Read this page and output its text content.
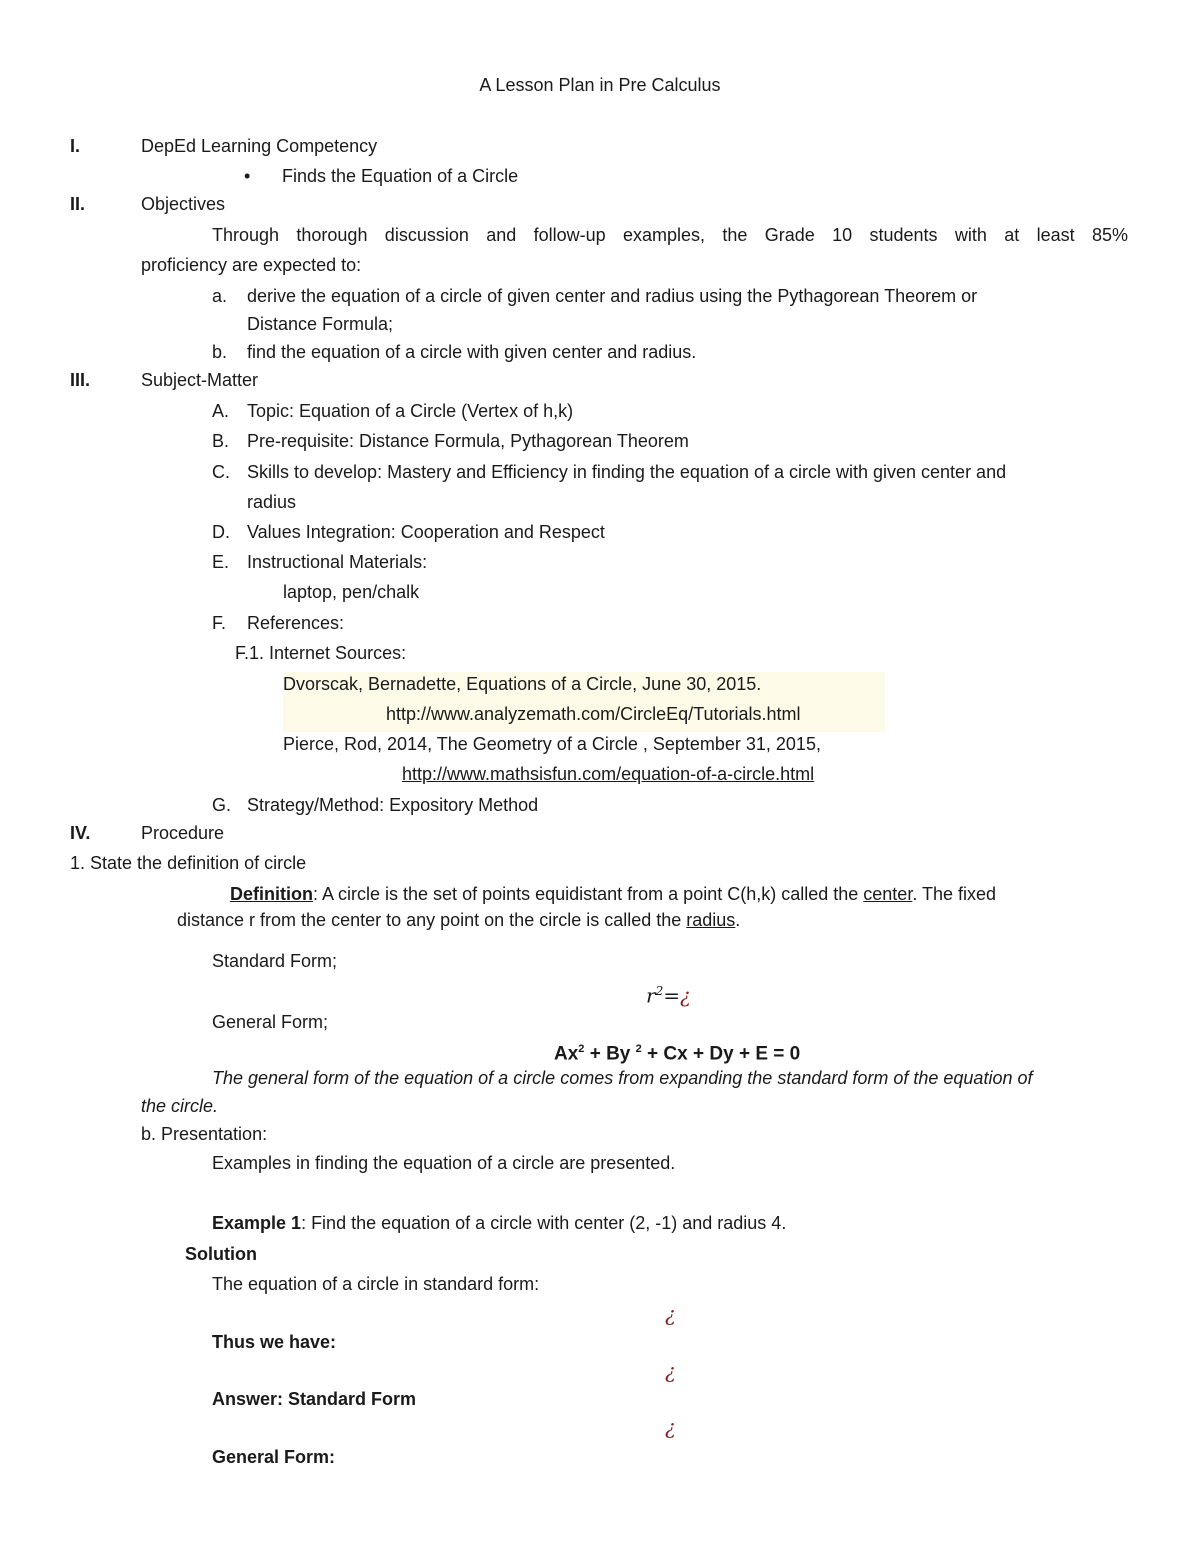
A Lesson Plan in Pre Calculus
I.	DepEd Learning Competency
• Finds the Equation of a Circle
II.	Objectives
Through thorough discussion and follow-up examples, the Grade 10 students with at least 85%
proficiency are expected to:
a. derive the equation of a circle of given center and radius using the Pythagorean Theorem or
Distance Formula;
b. find the equation of a circle with given center and radius.
III.	Subject-Matter
A. Topic: Equation of a Circle (Vertex of h,k)
B. Pre-requisite: Distance Formula, Pythagorean Theorem
C. Skills to develop: Mastery and Efficiency in finding the equation of a circle with given center and
radius
D. Values Integration: Cooperation and Respect
E. Instructional Materials:
laptop, pen/chalk
F. References:
F.1. Internet Sources:
Dvorscak, Bernadette, Equations of a Circle, June 30, 2015.
http://www.analyzemath.com/CircleEq/Tutorials.html
Pierce, Rod, 2014, The Geometry of a Circle , September 31, 2015,
http://www.mathsisfun.com/equation-of-a-circle.html
G. Strategy/Method: Expository Method
IV.	Procedure
1. State the definition of circle
Definition: A circle is the set of points equidistant from a point C(h,k) called the center. The fixed
distance r from the center to any point on the circle is called the radius.
Standard Form;
$r^2=¿$
General Form;
$Ax^2 + By$ $^2$ + Cx + Dy + E = 0
The general form of the equation of a circle comes from expanding the standard form of the equation of
the circle.
b. Presentation:
Examples in finding the equation of a circle are presented.
Example 1: Find the equation of a circle with center (2, -1) and radius 4.
Solution
The equation of a circle in standard form:
¿
Thus we have:
¿
Answer: Standard Form
¿
General Form:
